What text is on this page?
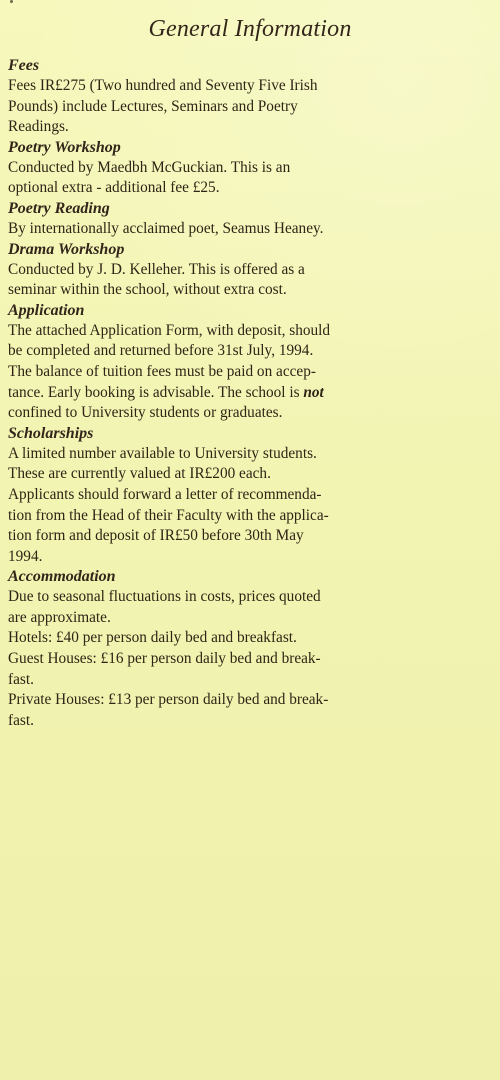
General Information
Fees
Fees IR£275 (Two hundred and Seventy Five Irish
Pounds) include Lectures, Seminars and Poetry
Readings.
Poetry Workshop
Conducted by Maedbh McGuckian. This is an
optional extra - additional fee £25.
Poetry Reading
By internationally acclaimed poet, Seamus Heaney.
Drama Workshop
Conducted by J. D. Kelleher. This is offered as a
seminar within the school, without extra cost.
Application
The attached Application Form, with deposit, should
be completed and returned before 31st July, 1994.
The balance of tuition fees must be paid on accep-
tance. Early booking is advisable. The school is not
confined to University students or graduates.
Scholarships
A limited number available to University students.
These are currently valued at IR£200 each.
Applicants should forward a letter of recommenda-
tion from the Head of their Faculty with the applica-
tion form and deposit of IR£50 before 30th May
1994.
Accommodation
Due to seasonal fluctuations in costs, prices quoted
are approximate.
Hotels: £40 per person daily bed and breakfast.
Guest Houses: £16 per person daily bed and break-
fast.
Private Houses: £13 per person daily bed and break-
fast.
